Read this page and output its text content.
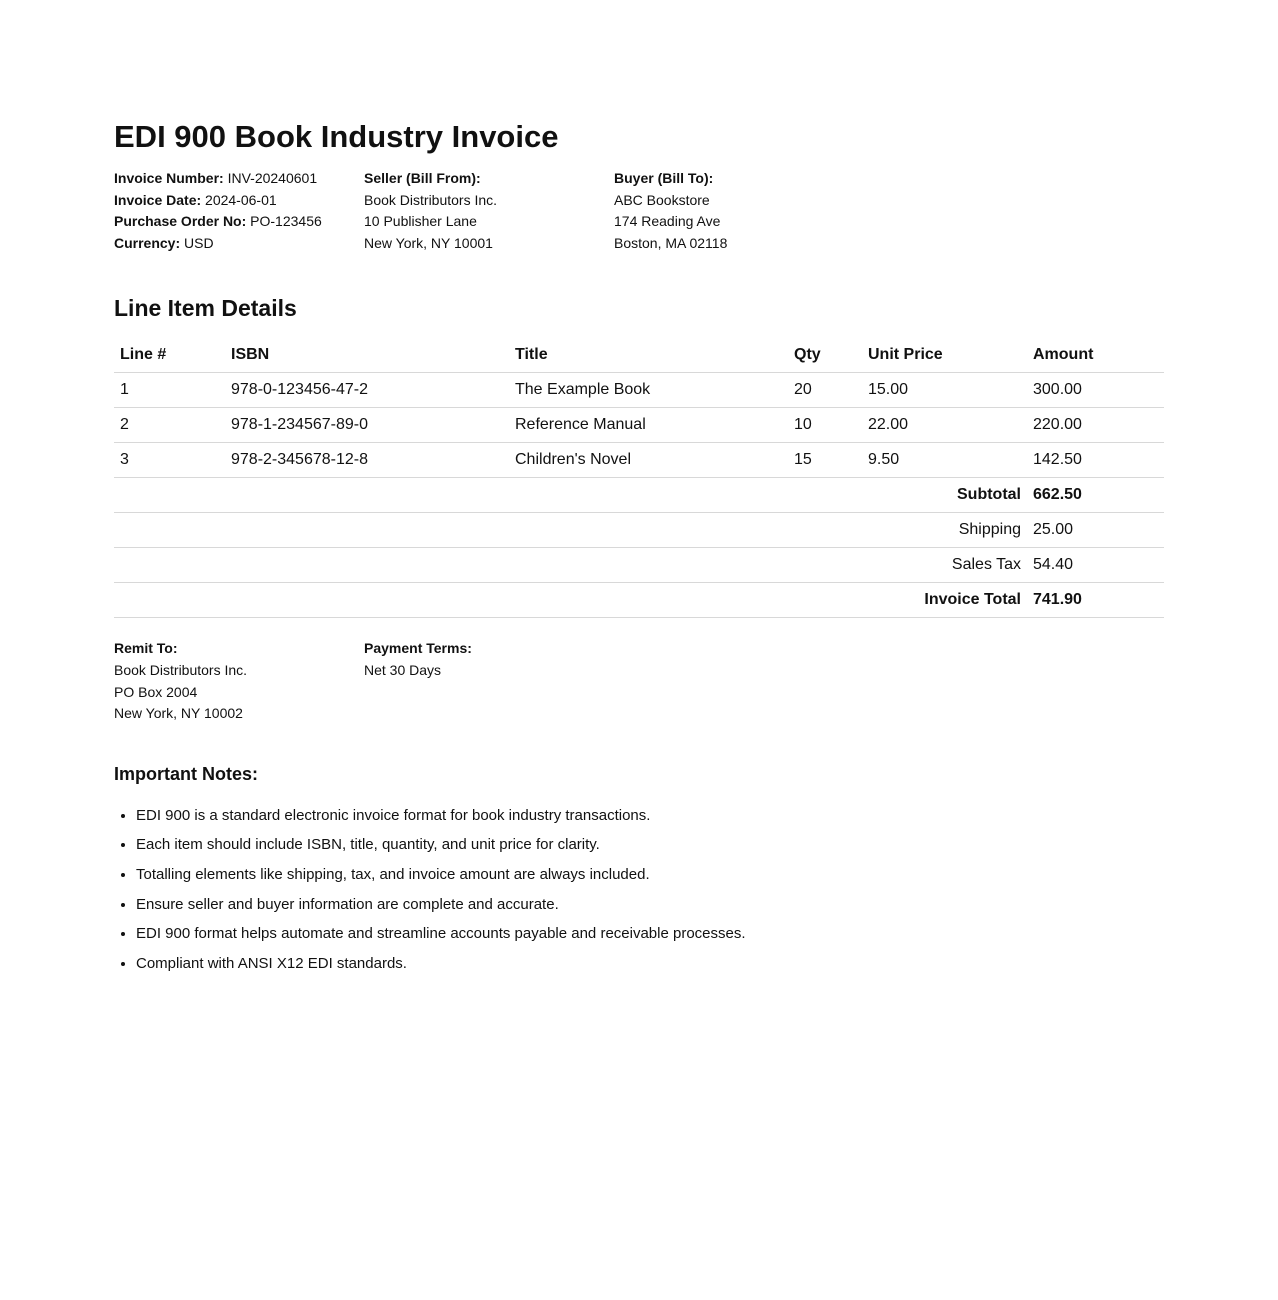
EDI 900 Book Industry Invoice
Invoice Number: INV-20240601
Invoice Date: 2024-06-01
Purchase Order No: PO-123456
Currency: USD
Seller (Bill From):
Book Distributors Inc.
10 Publisher Lane
New York, NY 10001
Buyer (Bill To):
ABC Bookstore
174 Reading Ave
Boston, MA 02118
Line Item Details
Line #	ISBN	Title	Qty	Unit Price	Amount
1	978-0-123456-47-2	The Example Book	20	15.00	300.00
2	978-1-234567-89-0	Reference Manual	10	22.00	220.00
3	978-2-345678-12-8	Children's Novel	15	9.50	142.50
Subtotal					662.50
Shipping					25.00
Sales Tax					54.40
Invoice Total					741.90
Remit To:
Book Distributors Inc.
PO Box 2004
New York, NY 10002
Payment Terms:
Net 30 Days
Important Notes:
• EDI 900 is a standard electronic invoice format for book industry transactions.
• Each item should include ISBN, title, quantity, and unit price for clarity.
• Totalling elements like shipping, tax, and invoice amount are always included.
• Ensure seller and buyer information are complete and accurate.
• EDI 900 format helps automate and streamline accounts payable and receivable processes.
• Compliant with ANSI X12 EDI standards.
